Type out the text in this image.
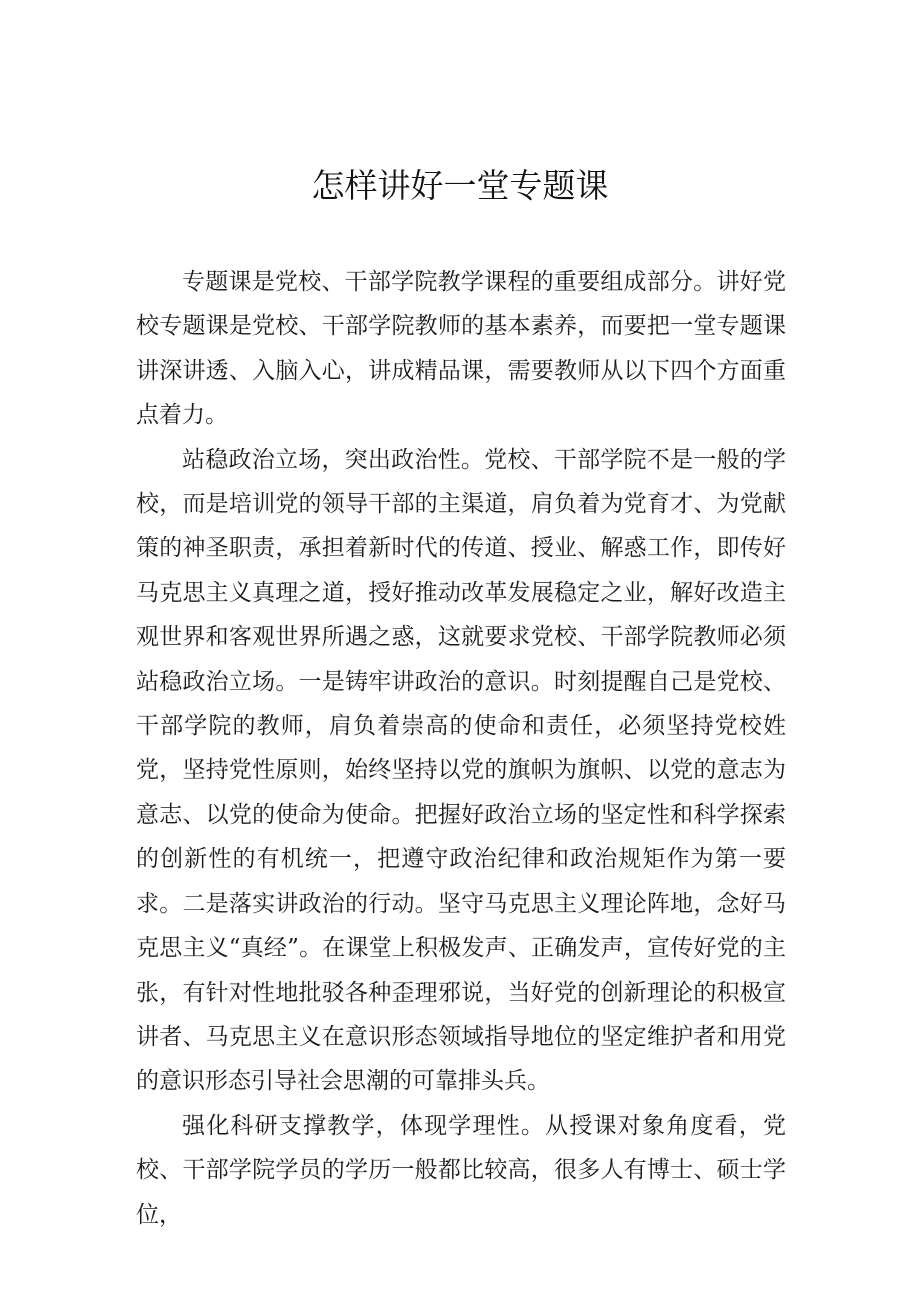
怎样讲好一堂专题课

专题课是党校、干部学院教学课程的重要组成部分。讲好党校专题课是党校、干部学院教师的基本素养，而要把一堂专题课讲深讲透、入脑入心，讲成精品课，需要教师从以下四个方面重点着力。

站稳政治立场，突出政治性。党校、干部学院不是一般的学校，而是培训党的领导干部的主渠道，肩负着为党育才、为党献策的神圣职责，承担着新时代的传道、授业、解惑工作，即传好马克思主义真理之道，授好推动改革发展稳定之业，解好改造主观世界和客观世界所遇之惑，这就要求党校、干部学院教师必须站稳政治立场。一是铸牢讲政治的意识。时刻提醒自己是党校、干部学院的教师，肩负着崇高的使命和责任，必须坚持党校姓党，坚持党性原则，始终坚持以党的旗帜为旗帜、以党的意志为意志、以党的使命为使命。把握好政治立场的坚定性和科学探索的创新性的有机统一，把遵守政治纪律和政治规矩作为第一要求。二是落实讲政治的行动。坚守马克思主义理论阵地，念好马克思主义“真经”。在课堂上积极发声、正确发声，宣传好党的主张，有针对性地批驳各种歪理邪说，当好党的创新理论的积极宣讲者、马克思主义在意识形态领域指导地位的坚定维护者和用党的意识形态引导社会思潮的可靠排头兵。

强化科研支撑教学，体现学理性。从授课对象角度看，党校、干部学院学员的学历一般都比较高，很多人有博士、硕士学位，
